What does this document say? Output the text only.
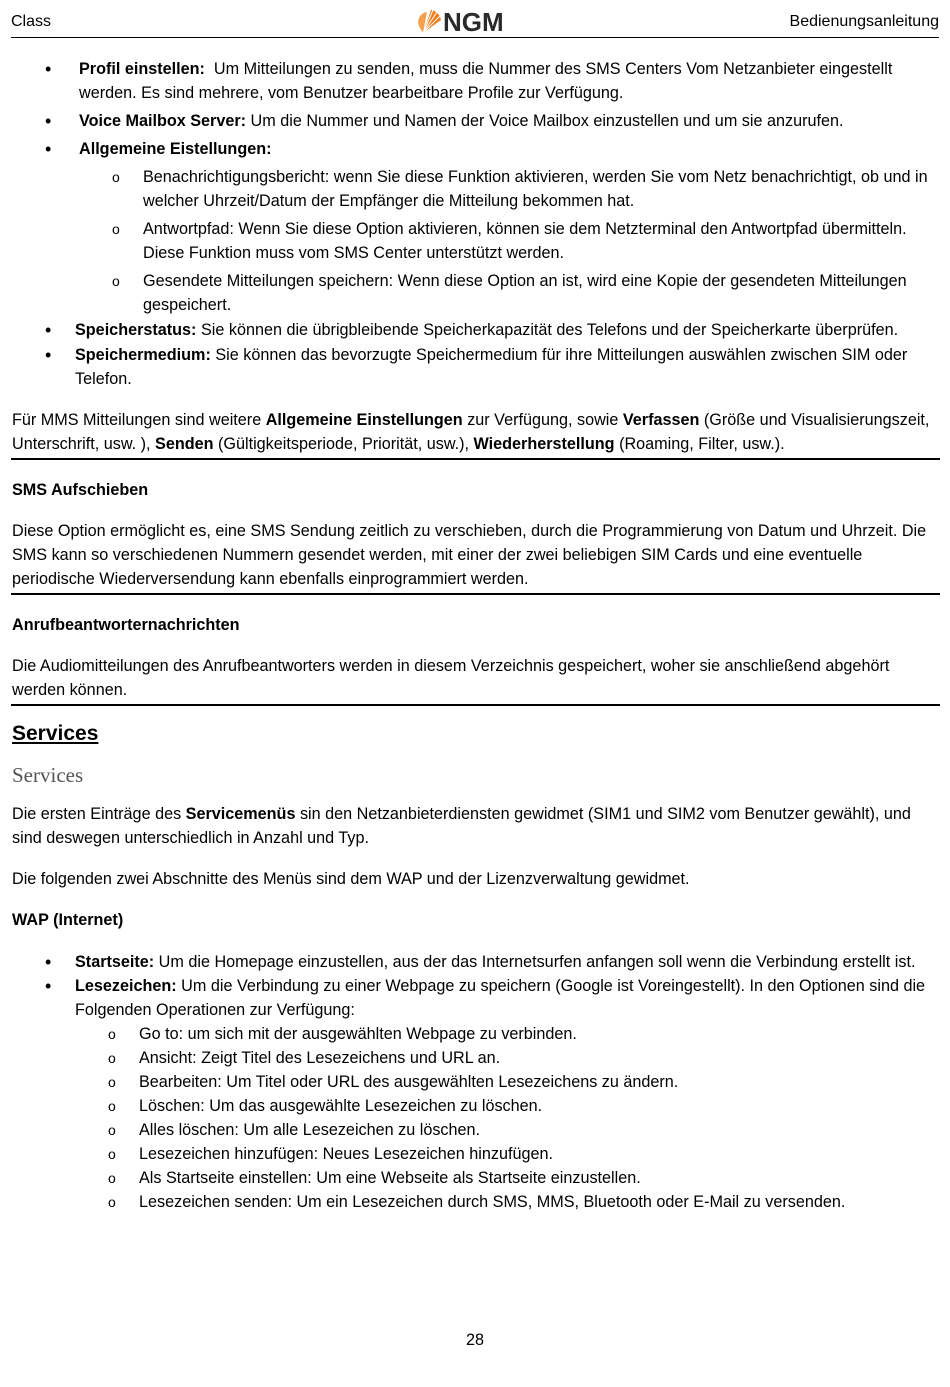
Class	NGM	Bedienungsanleitung
• Profil einstellen:  Um Mitteilungen zu senden, muss die Nummer des SMS Centers Vom Netzanbieter eingestellt werden. Es sind mehrere, vom Benutzer bearbeitbare Profile zur Verfügung.
• Voice Mailbox Server: Um die Nummer und Namen der Voice Mailbox einzustellen und um sie anzurufen.
• Allgemeine Eistellungen:
o Benachrichtigungsbericht: wenn Sie diese Funktion aktivieren, werden Sie vom Netz benachrichtigt, ob und in welcher Uhrzeit/Datum der Empfänger die Mitteilung bekommen hat.
o Antwortpfad: Wenn Sie diese Option aktivieren, können sie dem Netzterminal den Antwortpfad übermitteln. Diese Funktion muss vom SMS Center unterstützt werden.
o Gesendete Mitteilungen speichern: Wenn diese Option an ist, wird eine Kopie der gesendeten Mitteilungen gespeichert.
• Speicherstatus: Sie können die übrigbleibende Speicherkapazität des Telefons und der Speicherkarte überprüfen.
• Speichermedium: Sie können das bevorzugte Speichermedium für ihre Mitteilungen auswählen zwischen SIM oder Telefon.

Für MMS Mitteilungen sind weitere Allgemeine Einstellungen zur Verfügung, sowie Verfassen (Größe und Visualisierungszeit, Unterschrift, usw. ), Senden (Gültigkeitsperiode, Priorität, usw.), Wiederherstellung (Roaming, Filter, usw.).

SMS Aufschieben

Diese Option ermöglicht es, eine SMS Sendung zeitlich zu verschieben, durch die Programmierung von Datum und Uhrzeit. Die SMS kann so verschiedenen Nummern gesendet werden, mit einer der zwei beliebigen SIM Cards und eine eventuelle periodische Wiederversendung kann ebenfalls einprogrammiert werden.

Anrufbeantworternachrichten

Die Audiomitteilungen des Anrufbeantworters werden in diesem Verzeichnis gespeichert, woher sie anschließend abgehört werden können.

Services

Services

Die ersten Einträge des Servicemenüs sin den Netzanbieterdiensten gewidmet (SIM1 und SIM2 vom Benutzer gewählt), und sind deswegen unterschiedlich in Anzahl und Typ.

Die folgenden zwei Abschnitte des Menüs sind dem WAP und der Lizenzverwaltung gewidmet.

WAP (Internet)

• Startseite: Um die Homepage einzustellen, aus der das Internetsurfen anfangen soll wenn die Verbindung erstellt ist.
• Lesezeichen: Um die Verbindung zu einer Webpage zu speichern (Google ist Voreingestellt). In den Optionen sind die Folgenden Operationen zur Verfügung:
o Go to: um sich mit der ausgewählten Webpage zu verbinden.
o Ansicht: Zeigt Titel des Lesezeichens und URL an.
o Bearbeiten: Um Titel oder URL des ausgewählten Lesezeichens zu ändern.
o Löschen: Um das ausgewählte Lesezeichen zu löschen.
o Alles löschen: Um alle Lesezeichen zu löschen.
o Lesezeichen hinzufügen: Neues Lesezeichen hinzufügen.
o Als Startseite einstellen: Um eine Webseite als Startseite einzustellen.
o Lesezeichen senden: Um ein Lesezeichen durch SMS, MMS, Bluetooth oder E-Mail zu versenden.
28
